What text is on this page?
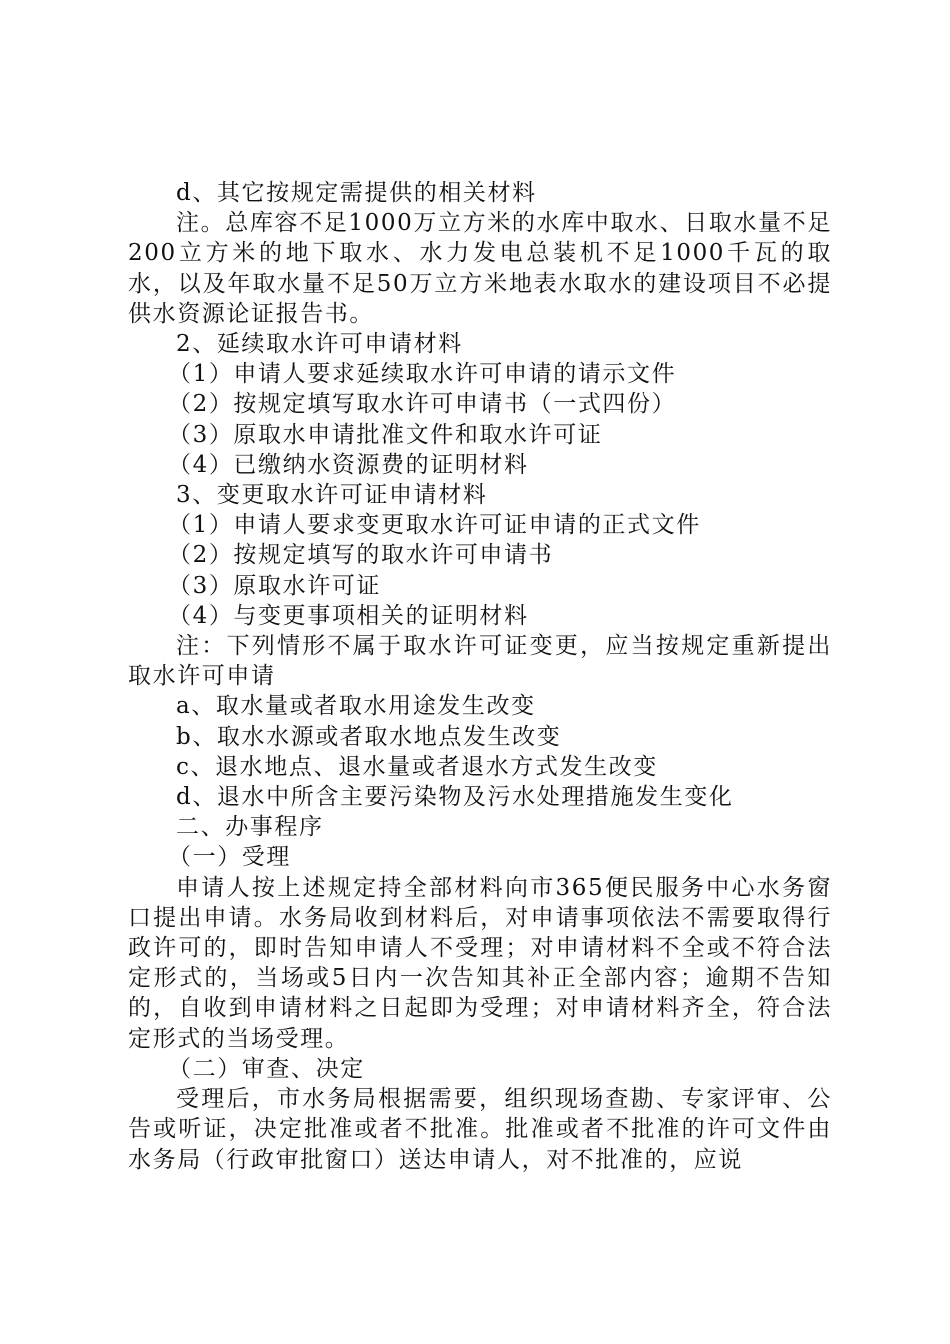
d、其它按规定需提供的相关材料

注。总库容不足1000万立方米的水库中取水、日取水量不足200立方米的地下取水、水力发电总装机不足1000千瓦的取水，以及年取水量不足50万立方米地表水取水的建设项目不必提供水资源论证报告书。

2、延续取水许可申请材料

（1）申请人要求延续取水许可申请的请示文件

（2）按规定填写取水许可申请书（一式四份）

（3）原取水申请批准文件和取水许可证

（4）已缴纳水资源费的证明材料

3、变更取水许可证申请材料

（1）申请人要求变更取水许可证申请的正式文件

（2）按规定填写的取水许可申请书

（3）原取水许可证

（4）与变更事项相关的证明材料

注：下列情形不属于取水许可证变更，应当按规定重新提出取水许可申请

a、取水量或者取水用途发生改变

b、取水水源或者取水地点发生改变

c、退水地点、退水量或者退水方式发生改变

d、退水中所含主要污染物及污水处理措施发生变化

二、办事程序

（一）受理

申请人按上述规定持全部材料向市365便民服务中心水务窗口提出申请。水务局收到材料后，对申请事项依法不需要取得行政许可的，即时告知申请人不受理；对申请材料不全或不符合法定形式的，当场或5日内一次告知其补正全部内容；逾期不告知的，自收到申请材料之日起即为受理；对申请材料齐全，符合法定形式的当场受理。

（二）审查、决定

受理后，市水务局根据需要，组织现场查勘、专家评审、公告或听证，决定批准或者不批准。批准或者不批准的许可文件由水务局（行政审批窗口）送达申请人，对不批准的，应说
